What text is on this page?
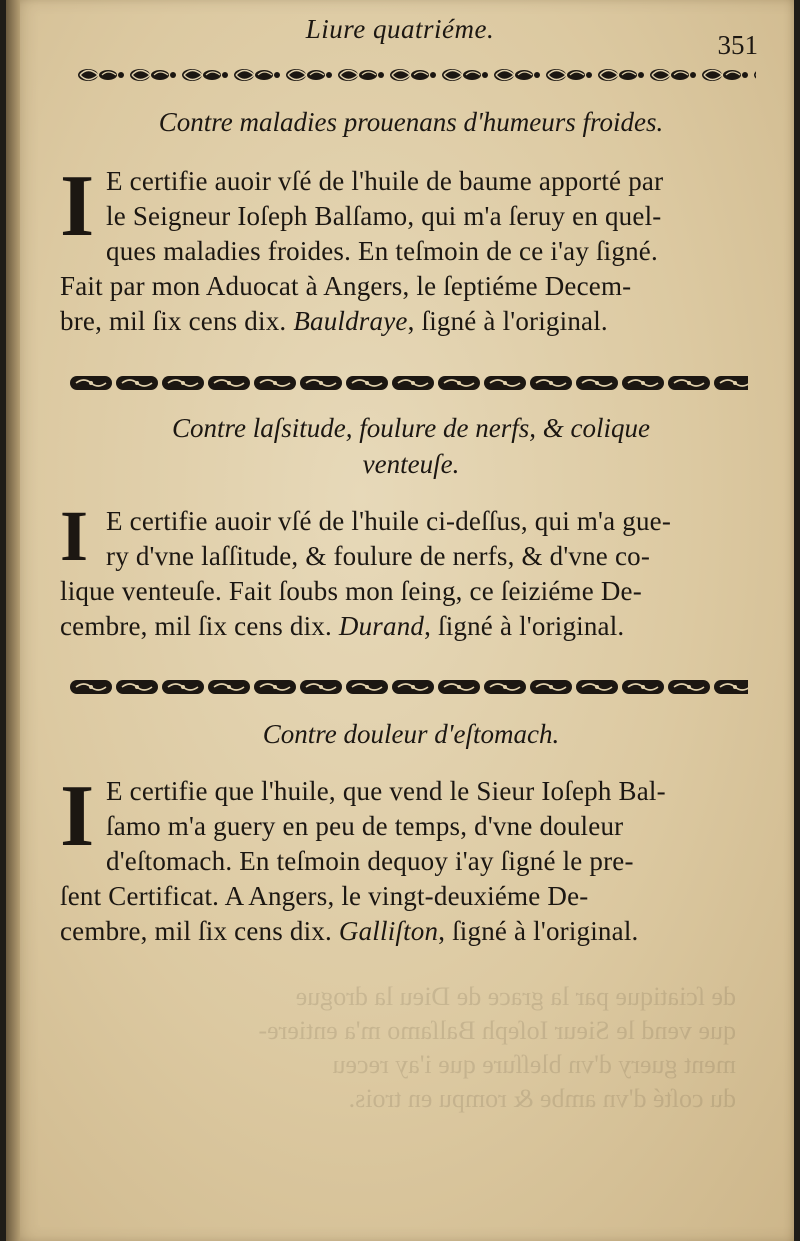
Liure quatriéme.
351
Contre maladies prouenans d'humeurs froides.
I E certifie auoir vſé de l'huile de baume apporté par
le Seigneur Ioſeph Balſamo, qui m'a ſeruy en quel-
ques maladies froides. En teſmoin de ce i'ay ſigné.
Fait par mon Aduocat à Angers, le ſeptiéme Decem-
bre, mil ſix cens dix. Bauldraye, ſigné à l'original.
Contre laſsitude, foulure de nerfs, & colique
venteuſe.
I E certifie auoir vſé de l'huile ci-deſſus, qui m'a gue-
ry d'vne laſſitude, & foulure de nerfs, & d'vne co-
lique venteuſe. Fait ſoubs mon ſeing, ce ſeiziéme De-
cembre, mil ſix cens dix. Durand, ſigné à l'original.
Contre douleur d'eſtomach.
I E certifie que l'huile, que vend le Sieur Ioſeph Bal-
ſamo m'a guery en peu de temps, d'vne douleur
d'eſtomach. En teſmoin dequoy i'ay ſigné le pre-
ſent Certificat. A Angers, le vingt-deuxiéme De-
cembre, mil ſix cens dix. Galliſton, ſigné à l'original.
de ſciatique par la grace de Dieu la drogue
que vend le Sieur Ioſeph Balſamo m'a entiere-
ment guery d'vn bleſſure que i'ay receu
du coſté d'vn ambe & rompu en trois.
